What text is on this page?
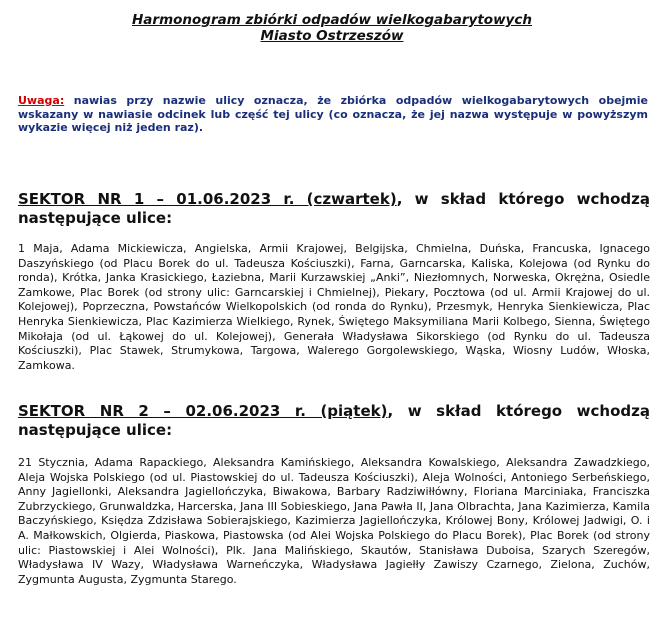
Harmonogram zbiórki odpadów wielkogabarytowych
Miasto Ostrzeszów
Uwaga: nawias przy nazwie ulicy oznacza, że zbiórka odpadów wielkogabarytowych obejmie wskazany w nawiasie odcinek lub część tej ulicy (co oznacza, że jej nazwa występuje w powyższym wykazie więcej niż jeden raz).
SEKTOR NR 1 – 01.06.2023 r. (czwartek), w skład którego wchodzą następujące ulice:
1 Maja, Adama Mickiewicza, Angielska, Armii Krajowej, Belgijska, Chmielna, Duńska, Francuska, Ignacego Daszyńskiego (od Placu Borek do ul. Tadeusza Kościuszki), Farna, Garncarska, Kaliska, Kolejowa (od Rynku do ronda), Krótka, Janka Krasickiego, Łaziebna, Marii Kurzawskiej „Anki”, Niezłomnych, Norweska, Okrężna, Osiedle Zamkowe, Plac Borek (od strony ulic: Garncarskiej i Chmielnej), Piekary, Pocztowa (od ul. Armii Krajowej do ul. Kolejowej), Poprzeczna, Powstańców Wielkopolskich (od ronda do Rynku), Przesmyk, Henryka Sienkiewicza, Plac Henryka Sienkiewicza, Plac Kazimierza Wielkiego, Rynek, Świętego Maksymiliana Marii Kolbego, Sienna, Świętego Mikołaja (od ul. Łąkowej do ul. Kolejowej), Generała Władysława Sikorskiego (od Rynku do ul. Tadeusza Kościuszki), Plac Stawek, Strumykowa, Targowa, Walerego Gorgolewskiego, Wąska, Wiosny Ludów, Włoska, Zamkowa.
SEKTOR NR 2 – 02.06.2023 r. (piątek), w skład którego wchodzą następujące ulice:
21 Stycznia, Adama Rapackiego, Aleksandra Kamińskiego, Aleksandra Kowalskiego, Aleksandra Zawadzkiego, Aleja Wojska Polskiego (od ul. Piastowskiej do ul. Tadeusza Kościuszki), Aleja Wolności, Antoniego Serbeńskiego, Anny Jagiellonki, Aleksandra Jagiellończyka, Biwakowa, Barbary Radziwiłłówny, Floriana Marciniaka, Franciszka Zubrzyckiego, Grunwaldzka, Harcerska, Jana III Sobieskiego, Jana Pawła II, Jana Olbrachta, Jana Kazimierza, Kamila Baczyńskiego, Księdza Zdzisława Sobierajskiego, Kazimierza Jagiellończyka, Królowej Bony, Królowej Jadwigi, O. i A. Małkowskich, Olgierda, Piaskowa, Piastowska (od Alei Wojska Polskiego do Placu Borek), Plac Borek (od strony ulic: Piastowskiej i Alei Wolności), Plk. Jana Malińskiego, Skautów, Stanisława Duboisa, Szarych Szeregów, Władysława IV Wazy, Władysława Warneńczyka, Władysława Jagiełły Zawiszy Czarnego, Zielona, Zuchów, Zygmunta Augusta, Zygmunta Starego.
